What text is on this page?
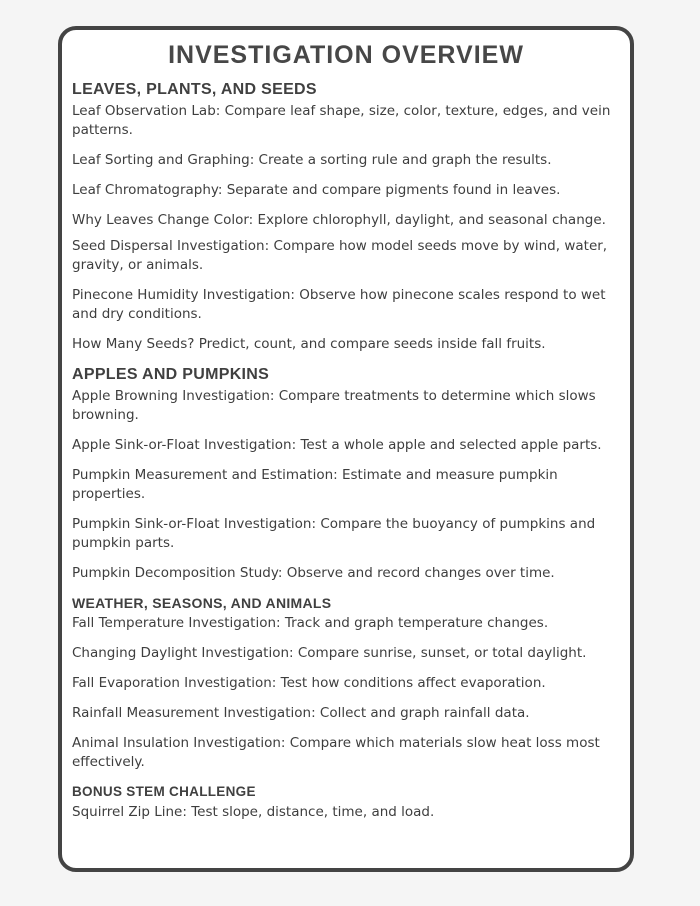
INVESTIGATION OVERVIEW
LEAVES, PLANTS, AND SEEDS

Leaf Observation Lab: Compare leaf shape, size, color, texture, edges, and vein patterns.

Leaf Sorting and Graphing: Create a sorting rule and graph the results.

Leaf Chromatography: Separate and compare pigments found in leaves.

Why Leaves Change Color: Explore chlorophyll, daylight, and seasonal change.

Seed Dispersal Investigation: Compare how model seeds move by wind, water, gravity, or animals.

Pinecone Humidity Investigation: Observe how pinecone scales respond to wet and dry conditions.

How Many Seeds? Predict, count, and compare seeds inside fall fruits.

APPLES AND PUMPKINS

Apple Browning Investigation: Compare treatments to determine which slows browning.

Apple Sink-or-Float Investigation: Test a whole apple and selected apple parts.

Pumpkin Measurement and Estimation: Estimate and measure pumpkin properties.

Pumpkin Sink-or-Float Investigation: Compare the buoyancy of pumpkins and pumpkin parts.

Pumpkin Decomposition Study: Observe and record changes over time.

WEATHER, SEASONS, AND ANIMALS

Fall Temperature Investigation: Track and graph temperature changes.

Changing Daylight Investigation: Compare sunrise, sunset, or total daylight.

Fall Evaporation Investigation: Test how conditions affect evaporation.

Rainfall Measurement Investigation: Collect and graph rainfall data.

Animal Insulation Investigation: Compare which materials slow heat loss most effectively.

BONUS STEM CHALLENGE

Squirrel Zip Line: Test slope, distance, time, and load.
